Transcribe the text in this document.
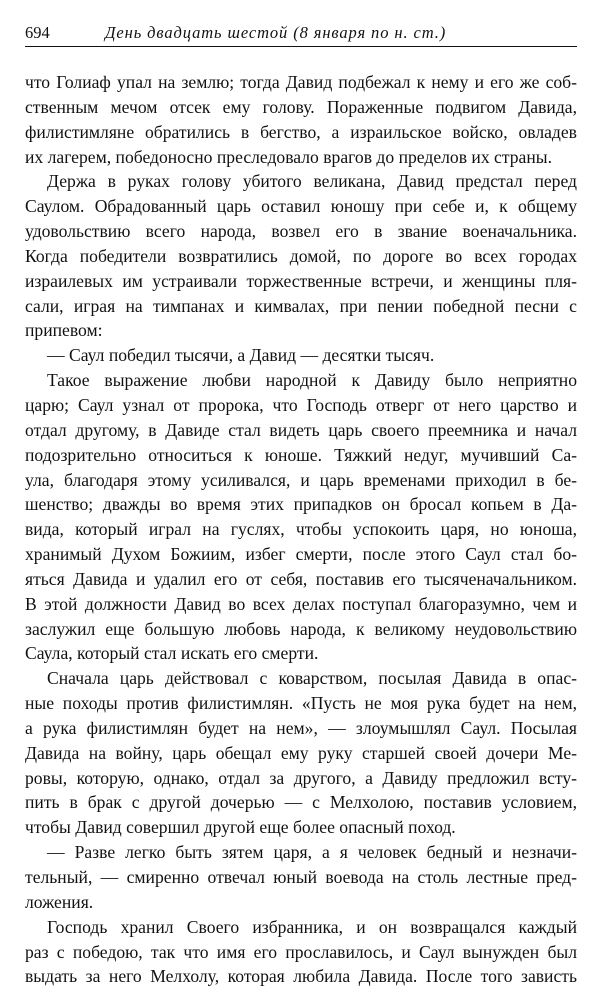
694	День двадцать шестой (8 января по н. ст.)
что Голиаф упал на землю; тогда Давид подбежал к нему и его же соб-
ственным мечом отсек ему голову. Пораженные подвигом Давида,
филистимляне обратились в бегство, а израильское войско, овладев
их лагерем, победоносно преследовало врагов до пределов их страны.
Держа в руках голову убитого великана, Давид предстал перед
Саулом. Обрадованный царь оставил юношу при себе и, к общему
удовольствию всего народа, возвел его в звание военачальника.
Когда победители возвратились домой, по дороге во всех городах
израилевых им устраивали торжественные встречи, и женщины пля-
сали, играя на тимпанах и кимвалах, при пении победной песни с
припевом:
— Саул победил тысячи, а Давид — десятки тысяч.
Такое выражение любви народной к Давиду было неприятно
царю; Саул узнал от пророка, что Господь отверг от него царство и
отдал другому, в Давиде стал видеть царь своего преемника и начал
подозрительно относиться к юноше. Тяжкий недуг, мучивший Са-
ула, благодаря этому усиливался, и царь временами приходил в бе-
шенство; дважды во время этих припадков он бросал копьем в Да-
вида, который играл на гуслях, чтобы успокоить царя, но юноша,
хранимый Духом Божиим, избег смерти, после этого Саул стал бо-
яться Давида и удалил его от себя, поставив его тысяченачальником.
В этой должности Давид во всех делах поступал благоразумно, чем и
заслужил еще большую любовь народа, к великому неудовольствию
Саула, который стал искать его смерти.
Сначала царь действовал с коварством, посылая Давида в опас-
ные походы против филистимлян. «Пусть не моя рука будет на нем,
а рука филистимлян будет на нем», — злоумышлял Саул. Посылая
Давида на войну, царь обещал ему руку старшей своей дочери Ме-
ровы, которую, однако, отдал за другого, а Давиду предложил всту-
пить в брак с другой дочерью — с Мелхолою, поставив условием,
чтобы Давид совершил другой еще более опасный поход.
— Разве легко быть зятем царя, а я человек бедный и незначи-
тельный, — смиренно отвечал юный воевода на столь лестные пред-
ложения.
Господь хранил Своего избранника, и он возвращался каждый
раз с победою, так что имя его прославилось, и Саул вынужден был
выдать за него Мелхолу, которая любила Давида. После того зависть
